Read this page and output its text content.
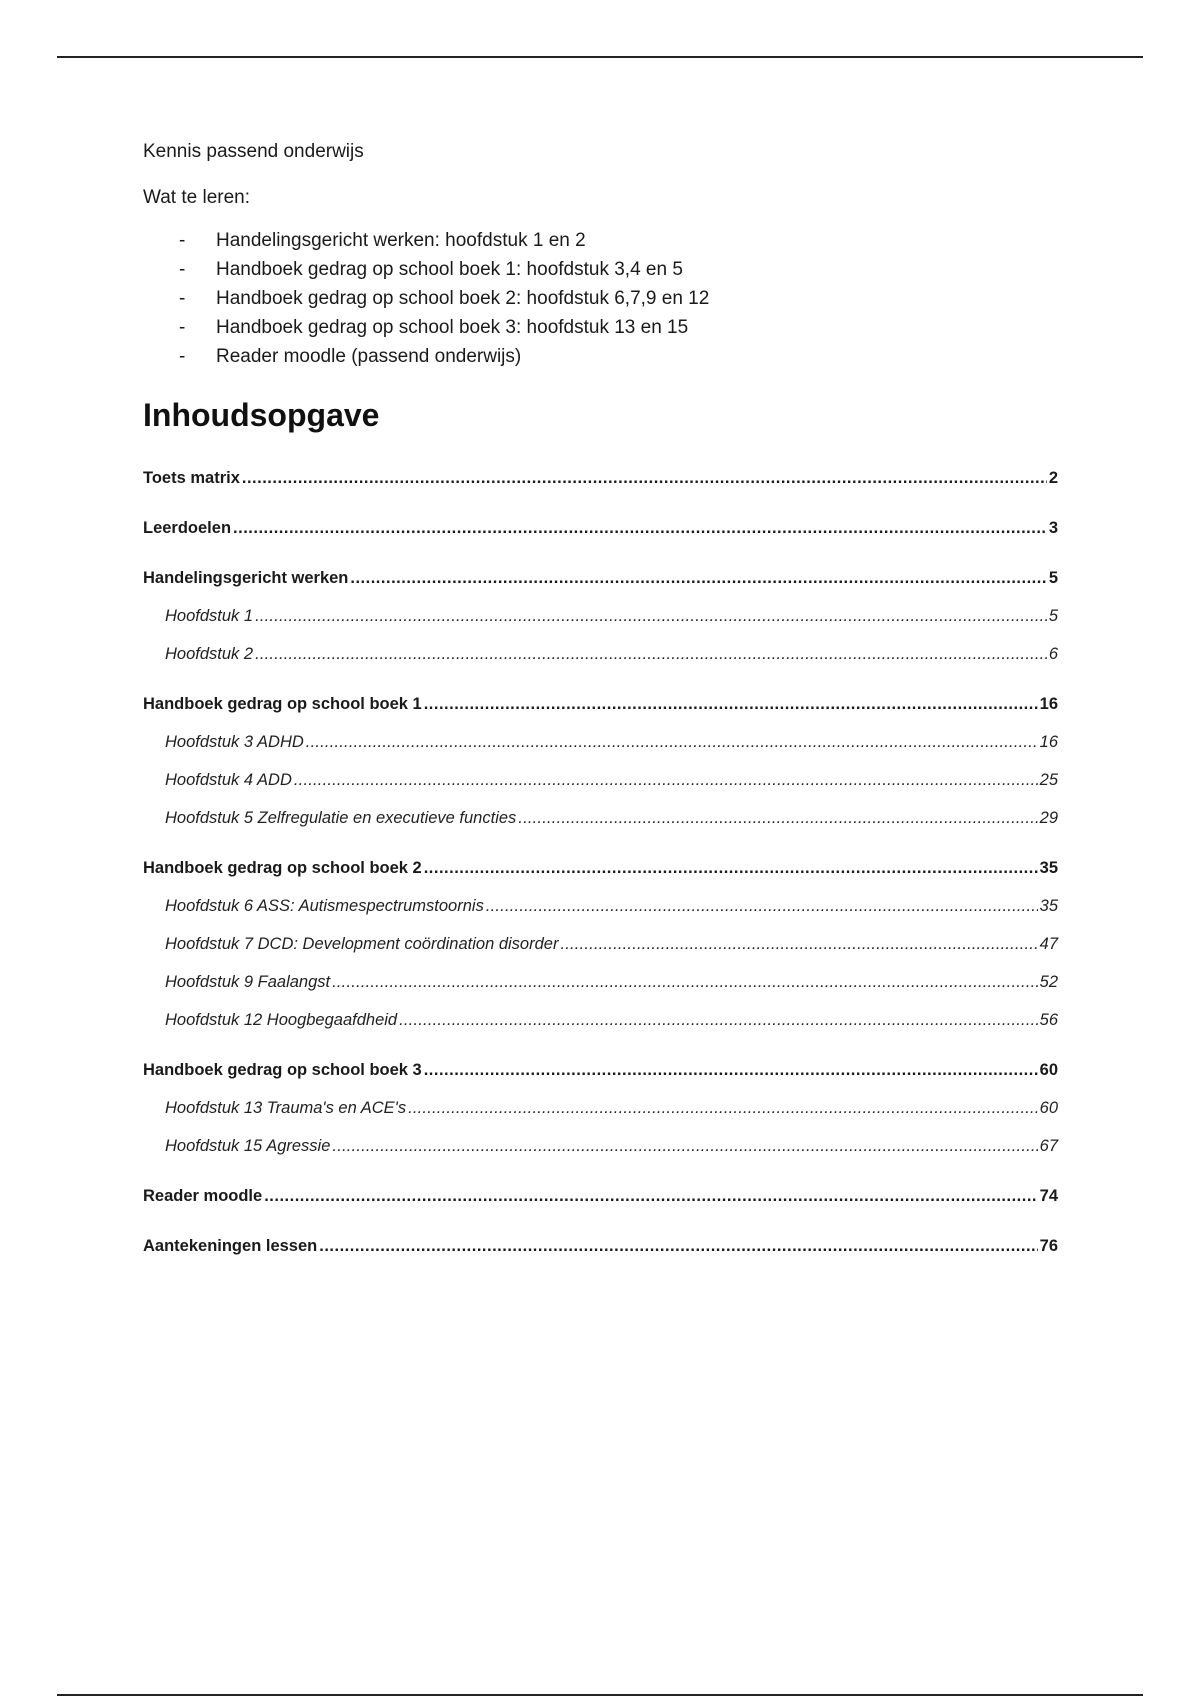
Kennis passend onderwijs

Wat te leren:

- Handelingsgericht werken: hoofdstuk 1 en 2
- Handboek gedrag op school boek 1: hoofdstuk 3,4 en 5
- Handboek gedrag op school boek 2: hoofdstuk 6,7,9 en 12
- Handboek gedrag op school boek 3: hoofdstuk 13 en 15
- Reader moodle (passend onderwijs)
Inhoudsopgave
Toets matrix .....	2
Leerdoelen .....	3
Handelingsgericht werken .....	5
Hoofdstuk 1 .....	5
Hoofdstuk 2 .....	6
Handboek gedrag op school boek 1 .....	16
Hoofdstuk 3 ADHD .....	16
Hoofdstuk 4 ADD .....	25
Hoofdstuk 5 Zelfregulatie en executieve functies .....	29
Handboek gedrag op school boek 2 .....	35
Hoofdstuk 6 ASS: Autismespectrumstoornis .....	35
Hoofdstuk 7 DCD: Development coördination disorder .....	47
Hoofdstuk 9 Faalangst .....	52
Hoofdstuk 12 Hoogbegaafdheid .....	56
Handboek gedrag op school boek 3 .....	60
Hoofdstuk 13 Trauma's en ACE's .....	60
Hoofdstuk 15 Agressie .....	67
Reader moodle .....	74
Aantekeningen lessen .....	76
